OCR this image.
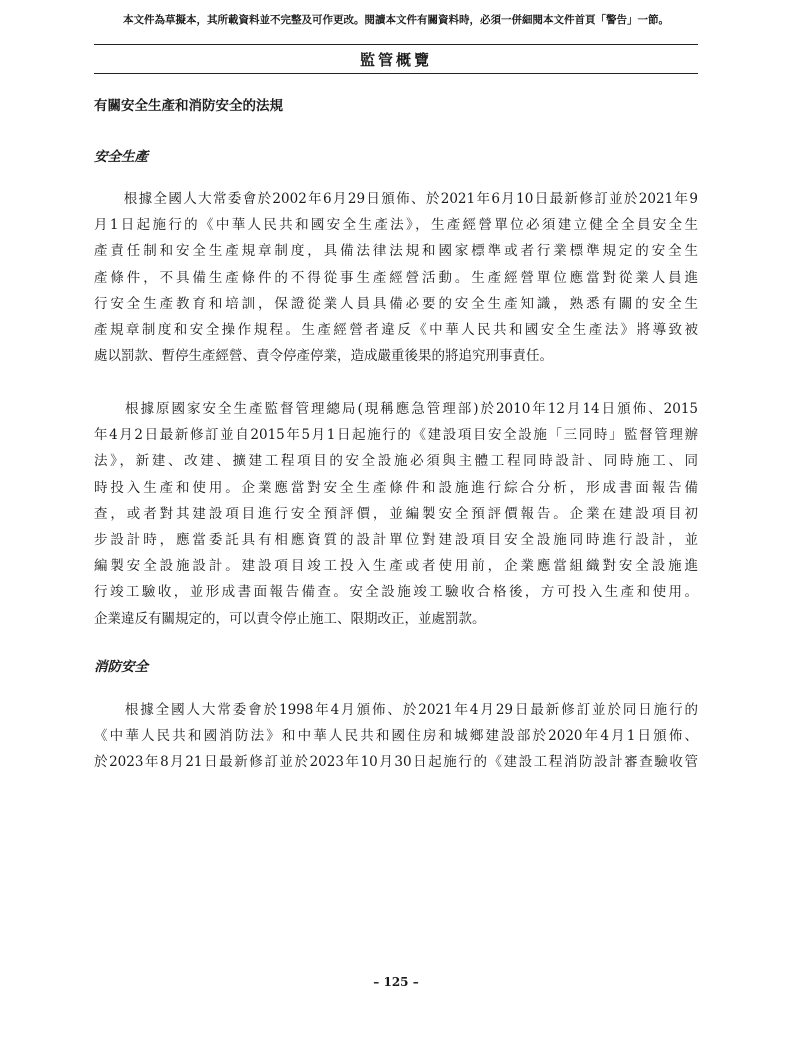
本文件為草擬本，其所載資料並不完整及可作更改。閱讀本文件有關資料時，必須一併細閱本文件首頁「警告」一節。
監管概覽
有關安全生產和消防安全的法規
安全生產
　　根據全國人大常委會於2002年6月29日頒佈、於2021年6月10日最新修訂並於2021年9
月1日起施行的《中華人民共和國安全生產法》，生產經營單位必須建立健全全員安全生
產責任制和安全生產規章制度，具備法律法規和國家標準或者行業標準規定的安全生
產條件，不具備生產條件的不得從事生產經營活動。生產經營單位應當對從業人員進
行安全生產教育和培訓，保證從業人員具備必要的安全生產知識，熟悉有關的安全生
產規章制度和安全操作規程。生產經營者違反《中華人民共和國安全生產法》將導致被
處以罰款、暫停生產經營、責令停產停業，造成嚴重後果的將追究刑事責任。
　　根據原國家安全生產監督管理總局(現稱應急管理部)於2010年12月14日頒佈、2015
年4月2日最新修訂並自2015年5月1日起施行的《建設項目安全設施「三同時」監督管理辦
法》，新建、改建、擴建工程項目的安全設施必須與主體工程同時設計、同時施工、同
時投入生產和使用。企業應當對安全生產條件和設施進行綜合分析，形成書面報告備
查，或者對其建設項目進行安全預評價，並編製安全預評價報告。企業在建設項目初
步設計時，應當委託具有相應資質的設計單位對建設項目安全設施同時進行設計，並
編製安全設施設計。建設項目竣工投入生產或者使用前，企業應當組織對安全設施進
行竣工驗收，並形成書面報告備查。安全設施竣工驗收合格後，方可投入生產和使用。
企業違反有關規定的，可以責令停止施工、限期改正，並處罰款。
消防安全
　　根據全國人大常委會於1998年4月頒佈、於2021年4月29日最新修訂並於同日施行的
《中華人民共和國消防法》和中華人民共和國住房和城鄉建設部於2020年4月1日頒佈、
於2023年8月21日最新修訂並於2023年10月30日起施行的《建設工程消防設計審查驗收管
– 125 –
